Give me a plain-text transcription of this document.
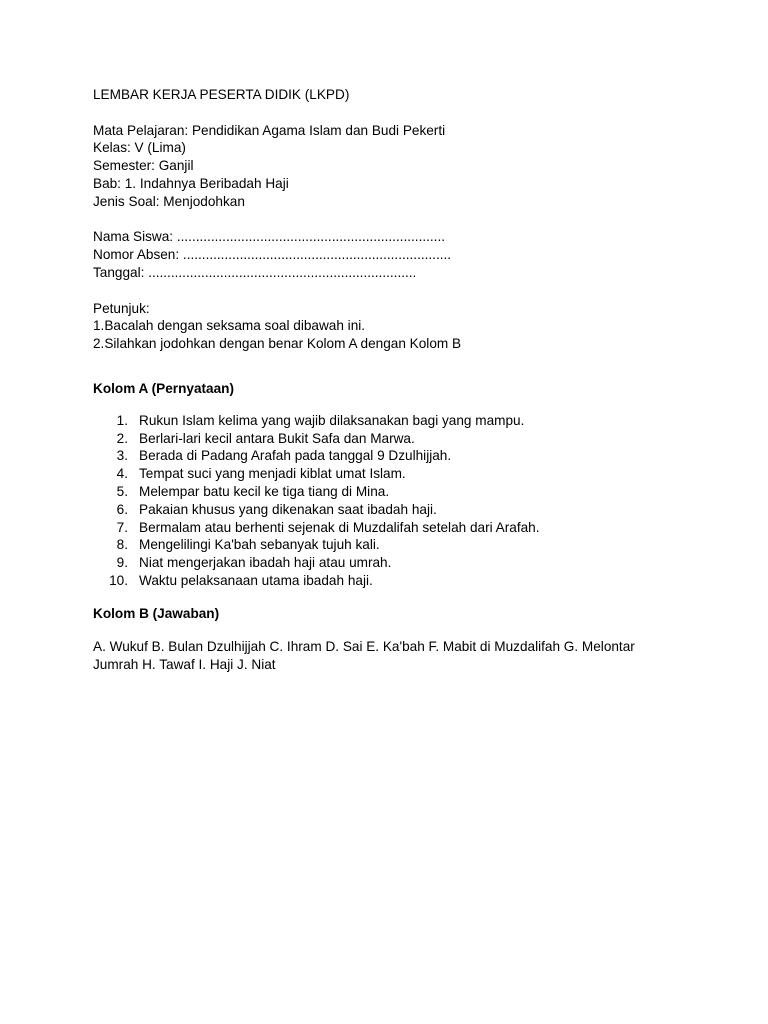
LEMBAR KERJA PESERTA DIDIK (LKPD)
Mata Pelajaran: Pendidikan Agama Islam dan Budi Pekerti
Kelas: V (Lima)
Semester: Ganjil
Bab: 1. Indahnya Beribadah Haji
Jenis Soal: Menjodohkan
Nama Siswa: .......................................................................
Nomor Absen: .......................................................................
Tanggal: .......................................................................
Petunjuk:
1.Bacalah dengan seksama soal dibawah ini.
2.Silahkan jodohkan dengan benar Kolom A dengan Kolom B
Kolom A (Pernyataan)
1. Rukun Islam kelima yang wajib dilaksanakan bagi yang mampu.
2. Berlari-lari kecil antara Bukit Safa dan Marwa.
3. Berada di Padang Arafah pada tanggal 9 Dzulhijjah.
4. Tempat suci yang menjadi kiblat umat Islam.
5. Melempar batu kecil ke tiga tiang di Mina.
6. Pakaian khusus yang dikenakan saat ibadah haji.
7. Bermalam atau berhenti sejenak di Muzdalifah setelah dari Arafah.
8. Mengelilingi Ka'bah sebanyak tujuh kali.
9. Niat mengerjakan ibadah haji atau umrah.
10. Waktu pelaksanaan utama ibadah haji.
Kolom B (Jawaban)
A. Wukuf B. Bulan Dzulhijjah C. Ihram D. Sai E. Ka'bah F. Mabit di Muzdalifah G. Melontar Jumrah H. Tawaf I. Haji J. Niat
